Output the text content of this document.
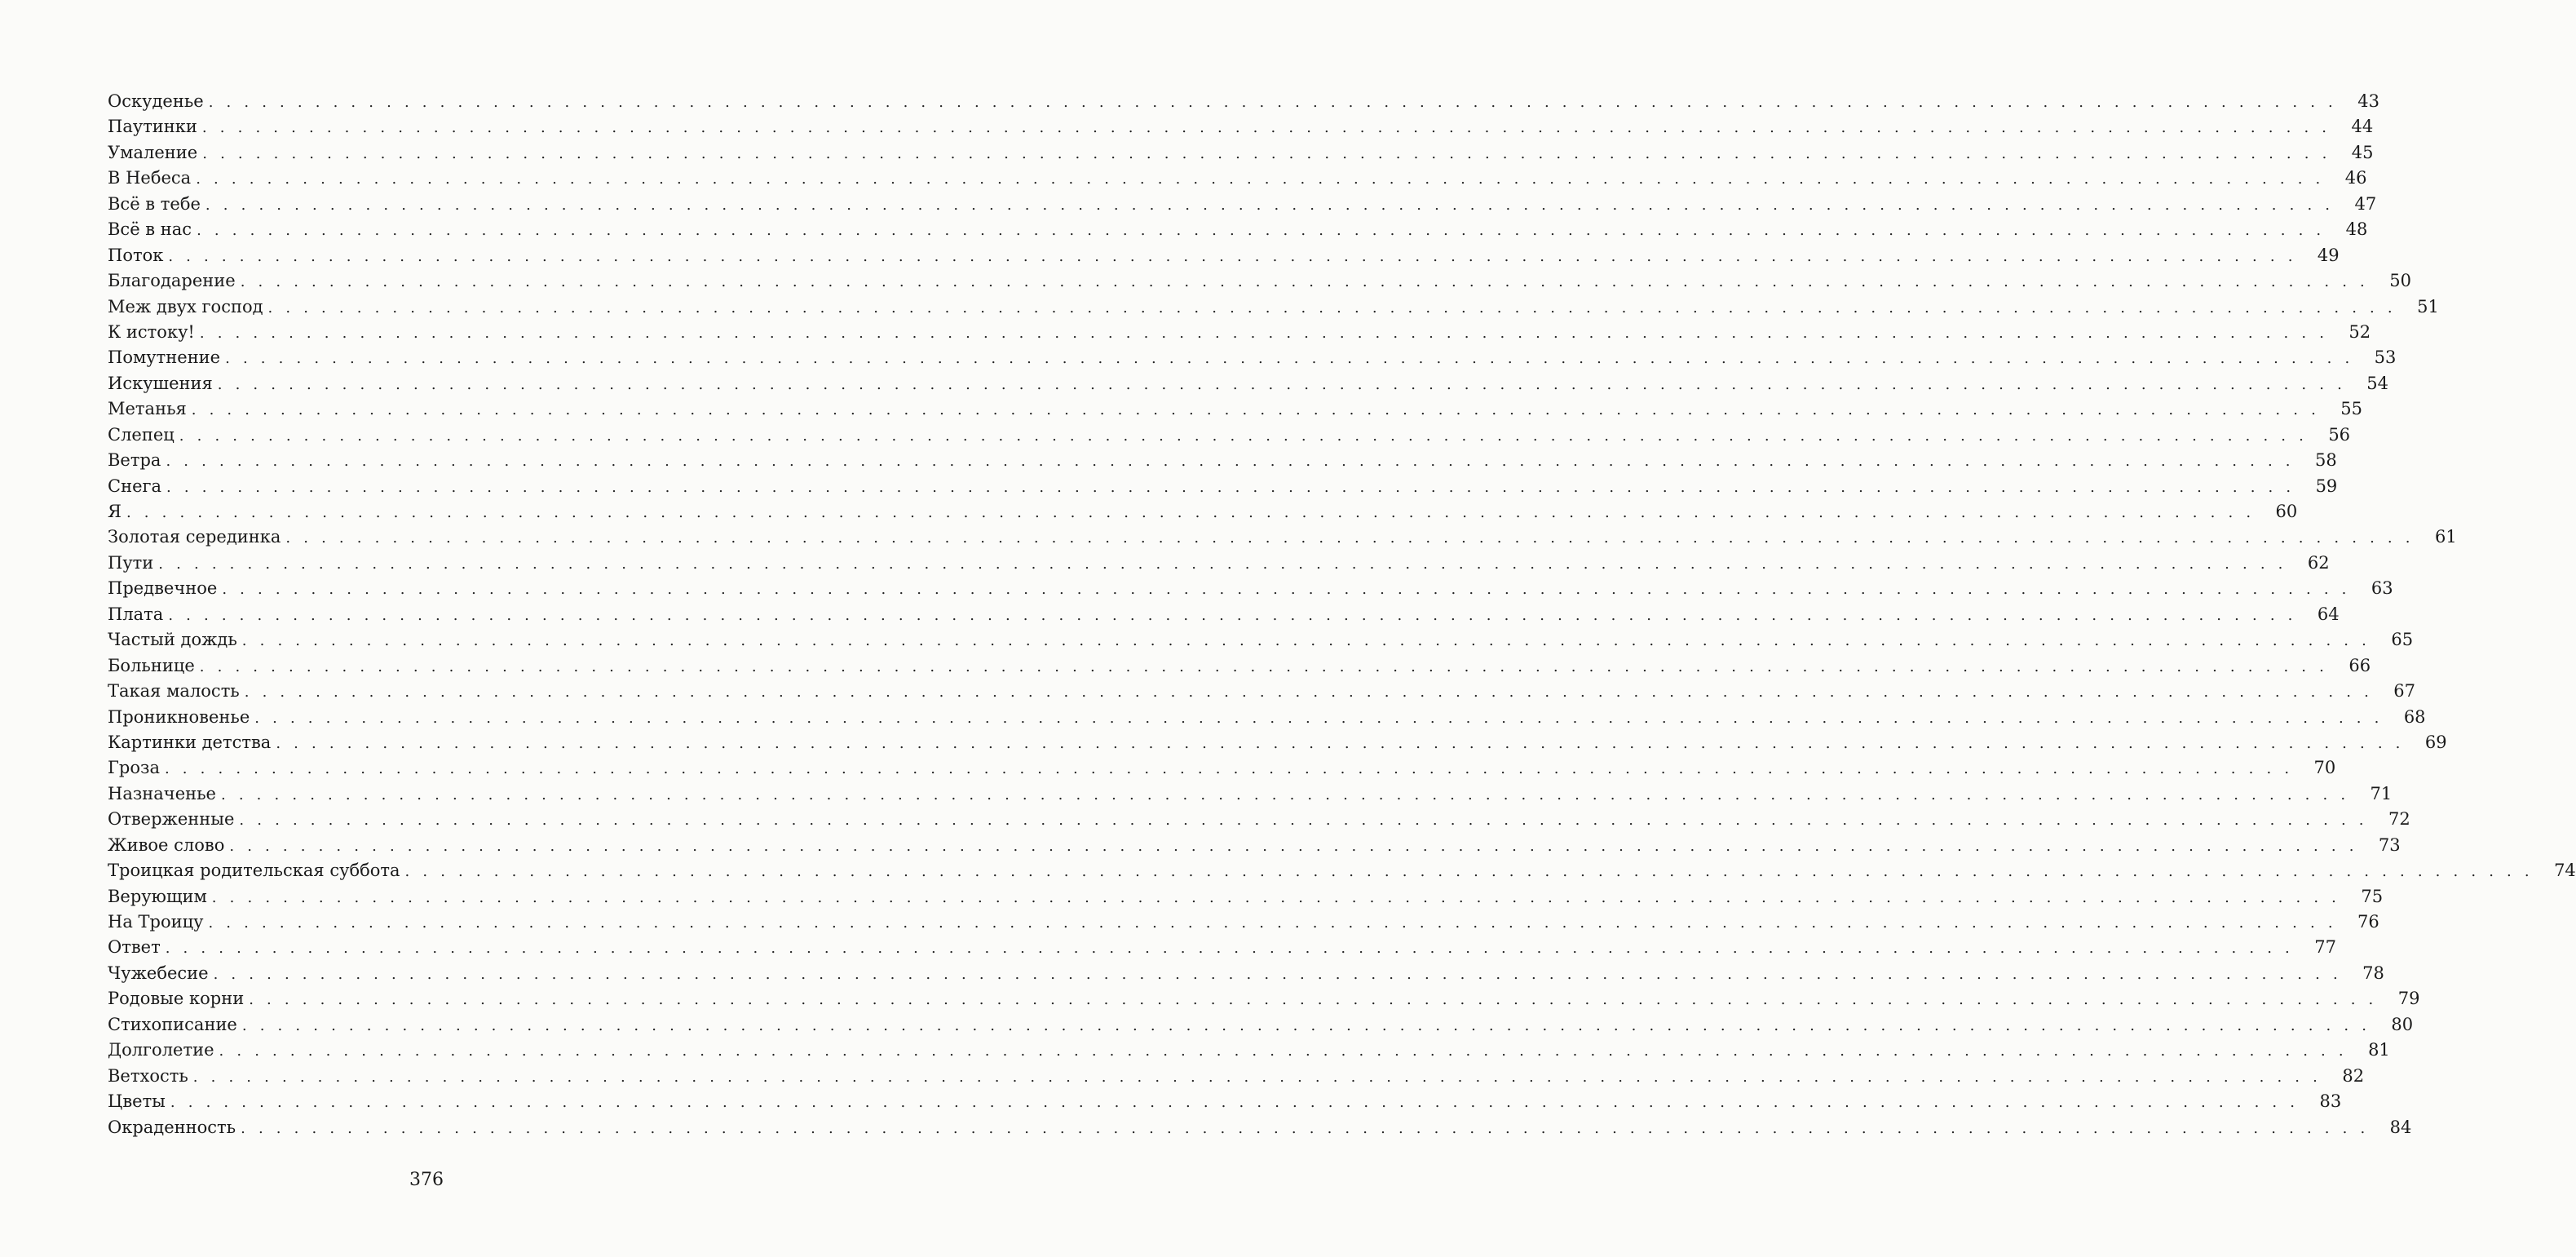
Оскуденье . . . . . . . . . . . . . . . . . . . . . . . . . . . . . . . . . . . . . . . . . . . . . . . . . . . . . . . . . . . . . . . . . . . . . . . . . . . . . . . . . . . . . . . . . . . . . . . . . . . . . . . . . . . . . . . . . . . . . . . .	43
Паутинки . . . . . . . . . . . . . . . . . . . . . . . . . . . . . . . . . . . . . . . . . . . . . . . . . . . . . . . . . . . . . . . . . . . . . . . . . . . . . . . . . . . . . . . . . . . . . . . . . . . . . . . . . . . . . . . . . . . . . . . .	44
Умаление . . . . . . . . . . . . . . . . . . . . . . . . . . . . . . . . . . . . . . . . . . . . . . . . . . . . . . . . . . . . . . . . . . . . . . . . . . . . . . . . . . . . . . . . . . . . . . . . . . . . . . . . . . . . . . . . . . . . . . . .	45
В Небеса . . . . . . . . . . . . . . . . . . . . . . . . . . . . . . . . . . . . . . . . . . . . . . . . . . . . . . . . . . . . . . . . . . . . . . . . . . . . . . . . . . . . . . . . . . . . . . . . . . . . . . . . . . . . . . . . . . . . . . . .	46
Всё в тебе . . . . . . . . . . . . . . . . . . . . . . . . . . . . . . . . . . . . . . . . . . . . . . . . . . . . . . . . . . . . . . . . . . . . . . . . . . . . . . . . . . . . . . . . . . . . . . . . . . . . . . . . . . . . . . . . . . . . . . . .	47
Всё в нас . . . . . . . . . . . . . . . . . . . . . . . . . . . . . . . . . . . . . . . . . . . . . . . . . . . . . . . . . . . . . . . . . . . . . . . . . . . . . . . . . . . . . . . . . . . . . . . . . . . . . . . . . . . . . . . . . . . . . . . .	48
Поток . . . . . . . . . . . . . . . . . . . . . . . . . . . . . . . . . . . . . . . . . . . . . . . . . . . . . . . . . . . . . . . . . . . . . . . . . . . . . . . . . . . . . . . . . . . . . . . . . . . . . . . . . . . . . . . . . . . . . . . .	49
Благодарение . . . . . . . . . . . . . . . . . . . . . . . . . . . . . . . . . . . . . . . . . . . . . . . . . . . . . . . . . . . . . . . . . . . . . . . . . . . . . . . . . . . . . . . . . . . . . . . . . . . . . . . . . . . . . . . . . . . . . . . .	50
Меж двух господ . . . . . . . . . . . . . . . . . . . . . . . . . . . . . . . . . . . . . . . . . . . . . . . . . . . . . . . . . . . . . . . . . . . . . . . . . . . . . . . . . . . . . . . . . . . . . . . . . . . . . . . . . . . . . . . . . . . . . . . .	51
К истоку! . . . . . . . . . . . . . . . . . . . . . . . . . . . . . . . . . . . . . . . . . . . . . . . . . . . . . . . . . . . . . . . . . . . . . . . . . . . . . . . . . . . . . . . . . . . . . . . . . . . . . . . . . . . . . . . . . . . . . . . .	52
Помутнение . . . . . . . . . . . . . . . . . . . . . . . . . . . . . . . . . . . . . . . . . . . . . . . . . . . . . . . . . . . . . . . . . . . . . . . . . . . . . . . . . . . . . . . . . . . . . . . . . . . . . . . . . . . . . . . . . . . . . . . .	53
Искушения . . . . . . . . . . . . . . . . . . . . . . . . . . . . . . . . . . . . . . . . . . . . . . . . . . . . . . . . . . . . . . . . . . . . . . . . . . . . . . . . . . . . . . . . . . . . . . . . . . . . . . . . . . . . . . . . . . . . . . . .	54
Метанья . . . . . . . . . . . . . . . . . . . . . . . . . . . . . . . . . . . . . . . . . . . . . . . . . . . . . . . . . . . . . . . . . . . . . . . . . . . . . . . . . . . . . . . . . . . . . . . . . . . . . . . . . . . . . . . . . . . . . . . .	55
Слепец . . . . . . . . . . . . . . . . . . . . . . . . . . . . . . . . . . . . . . . . . . . . . . . . . . . . . . . . . . . . . . . . . . . . . . . . . . . . . . . . . . . . . . . . . . . . . . . . . . . . . . . . . . . . . . . . . . . . . . . .	56
Ветра . . . . . . . . . . . . . . . . . . . . . . . . . . . . . . . . . . . . . . . . . . . . . . . . . . . . . . . . . . . . . . . . . . . . . . . . . . . . . . . . . . . . . . . . . . . . . . . . . . . . . . . . . . . . . . . . . . . . . . . .	58
Снега . . . . . . . . . . . . . . . . . . . . . . . . . . . . . . . . . . . . . . . . . . . . . . . . . . . . . . . . . . . . . . . . . . . . . . . . . . . . . . . . . . . . . . . . . . . . . . . . . . . . . . . . . . . . . . . . . . . . . . . .	59
Я . . . . . . . . . . . . . . . . . . . . . . . . . . . . . . . . . . . . . . . . . . . . . . . . . . . . . . . . . . . . . . . . . . . . . . . . . . . . . . . . . . . . . . . . . . . . . . . . . . . . . . . . . . . . . . . . . . . . . . . .	60
Золотая серединка . . . . . . . . . . . . . . . . . . . . . . . . . . . . . . . . . . . . . . . . . . . . . . . . . . . . . . . . . . . . . . . . . . . . . . . . . . . . . . . . . . . . . . . . . . . . . . . . . . . . . . . . . . . . . . . . . . . . . . . .	61
Пути . . . . . . . . . . . . . . . . . . . . . . . . . . . . . . . . . . . . . . . . . . . . . . . . . . . . . . . . . . . . . . . . . . . . . . . . . . . . . . . . . . . . . . . . . . . . . . . . . . . . . . . . . . . . . . . . . . . . . . . .	62
Предвечное . . . . . . . . . . . . . . . . . . . . . . . . . . . . . . . . . . . . . . . . . . . . . . . . . . . . . . . . . . . . . . . . . . . . . . . . . . . . . . . . . . . . . . . . . . . . . . . . . . . . . . . . . . . . . . . . . . . . . . . .	63
Плата . . . . . . . . . . . . . . . . . . . . . . . . . . . . . . . . . . . . . . . . . . . . . . . . . . . . . . . . . . . . . . . . . . . . . . . . . . . . . . . . . . . . . . . . . . . . . . . . . . . . . . . . . . . . . . . . . . . . . . . .	64
Частый дождь . . . . . . . . . . . . . . . . . . . . . . . . . . . . . . . . . . . . . . . . . . . . . . . . . . . . . . . . . . . . . . . . . . . . . . . . . . . . . . . . . . . . . . . . . . . . . . . . . . . . . . . . . . . . . . . . . . . . . . . .	65
Больнице . . . . . . . . . . . . . . . . . . . . . . . . . . . . . . . . . . . . . . . . . . . . . . . . . . . . . . . . . . . . . . . . . . . . . . . . . . . . . . . . . . . . . . . . . . . . . . . . . . . . . . . . . . . . . . . . . . . . . . . .	66
Такая малость . . . . . . . . . . . . . . . . . . . . . . . . . . . . . . . . . . . . . . . . . . . . . . . . . . . . . . . . . . . . . . . . . . . . . . . . . . . . . . . . . . . . . . . . . . . . . . . . . . . . . . . . . . . . . . . . . . . . . . . .	67
Проникновенье . . . . . . . . . . . . . . . . . . . . . . . . . . . . . . . . . . . . . . . . . . . . . . . . . . . . . . . . . . . . . . . . . . . . . . . . . . . . . . . . . . . . . . . . . . . . . . . . . . . . . . . . . . . . . . . . . . . . . . . .	68
Картинки детства . . . . . . . . . . . . . . . . . . . . . . . . . . . . . . . . . . . . . . . . . . . . . . . . . . . . . . . . . . . . . . . . . . . . . . . . . . . . . . . . . . . . . . . . . . . . . . . . . . . . . . . . . . . . . . . . . . . . . . . .	69
Гроза . . . . . . . . . . . . . . . . . . . . . . . . . . . . . . . . . . . . . . . . . . . . . . . . . . . . . . . . . . . . . . . . . . . . . . . . . . . . . . . . . . . . . . . . . . . . . . . . . . . . . . . . . . . . . . . . . . . . . . . .	70
Назначенье . . . . . . . . . . . . . . . . . . . . . . . . . . . . . . . . . . . . . . . . . . . . . . . . . . . . . . . . . . . . . . . . . . . . . . . . . . . . . . . . . . . . . . . . . . . . . . . . . . . . . . . . . . . . . . . . . . . . . . . .	71
Отверженные . . . . . . . . . . . . . . . . . . . . . . . . . . . . . . . . . . . . . . . . . . . . . . . . . . . . . . . . . . . . . . . . . . . . . . . . . . . . . . . . . . . . . . . . . . . . . . . . . . . . . . . . . . . . . . . . . . . . . . . .	72
Живое слово . . . . . . . . . . . . . . . . . . . . . . . . . . . . . . . . . . . . . . . . . . . . . . . . . . . . . . . . . . . . . . . . . . . . . . . . . . . . . . . . . . . . . . . . . . . . . . . . . . . . . . . . . . . . . . . . . . . . . . . .	73
Троицкая родительская суббота . . . . . . . . . . . . . . . . . . . . . . . . . . . . . . . . . . . . . . . . . . . . . . . . . . . . . . . . . . . . . . . . . . . . . . . . . . . . . . . . . . . . . . . . . . . . . . . . . . . . . . . . . . . . . . . . . . . . . . . .	74
Верующим . . . . . . . . . . . . . . . . . . . . . . . . . . . . . . . . . . . . . . . . . . . . . . . . . . . . . . . . . . . . . . . . . . . . . . . . . . . . . . . . . . . . . . . . . . . . . . . . . . . . . . . . . . . . . . . . . . . . . . . .	75
На Троицу . . . . . . . . . . . . . . . . . . . . . . . . . . . . . . . . . . . . . . . . . . . . . . . . . . . . . . . . . . . . . . . . . . . . . . . . . . . . . . . . . . . . . . . . . . . . . . . . . . . . . . . . . . . . . . . . . . . . . . . .	76
Ответ . . . . . . . . . . . . . . . . . . . . . . . . . . . . . . . . . . . . . . . . . . . . . . . . . . . . . . . . . . . . . . . . . . . . . . . . . . . . . . . . . . . . . . . . . . . . . . . . . . . . . . . . . . . . . . . . . . . . . . . .	77
Чужебесие . . . . . . . . . . . . . . . . . . . . . . . . . . . . . . . . . . . . . . . . . . . . . . . . . . . . . . . . . . . . . . . . . . . . . . . . . . . . . . . . . . . . . . . . . . . . . . . . . . . . . . . . . . . . . . . . . . . . . . . .	78
Родовые корни . . . . . . . . . . . . . . . . . . . . . . . . . . . . . . . . . . . . . . . . . . . . . . . . . . . . . . . . . . . . . . . . . . . . . . . . . . . . . . . . . . . . . . . . . . . . . . . . . . . . . . . . . . . . . . . . . . . . . . . .	79
Стихописание . . . . . . . . . . . . . . . . . . . . . . . . . . . . . . . . . . . . . . . . . . . . . . . . . . . . . . . . . . . . . . . . . . . . . . . . . . . . . . . . . . . . . . . . . . . . . . . . . . . . . . . . . . . . . . . . . . . . . . . .	80
Долголетие . . . . . . . . . . . . . . . . . . . . . . . . . . . . . . . . . . . . . . . . . . . . . . . . . . . . . . . . . . . . . . . . . . . . . . . . . . . . . . . . . . . . . . . . . . . . . . . . . . . . . . . . . . . . . . . . . . . . . . . .	81
Ветхость . . . . . . . . . . . . . . . . . . . . . . . . . . . . . . . . . . . . . . . . . . . . . . . . . . . . . . . . . . . . . . . . . . . . . . . . . . . . . . . . . . . . . . . . . . . . . . . . . . . . . . . . . . . . . . . . . . . . . . . .	82
Цветы . . . . . . . . . . . . . . . . . . . . . . . . . . . . . . . . . . . . . . . . . . . . . . . . . . . . . . . . . . . . . . . . . . . . . . . . . . . . . . . . . . . . . . . . . . . . . . . . . . . . . . . . . . . . . . . . . . . . . . . .	83
Окраденность . . . . . . . . . . . . . . . . . . . . . . . . . . . . . . . . . . . . . . . . . . . . . . . . . . . . . . . . . . . . . . . . . . . . . . . . . . . . . . . . . . . . . . . . . . . . . . . . . . . . . . . . . . . . . . . . . . . . . . . .	84
376
